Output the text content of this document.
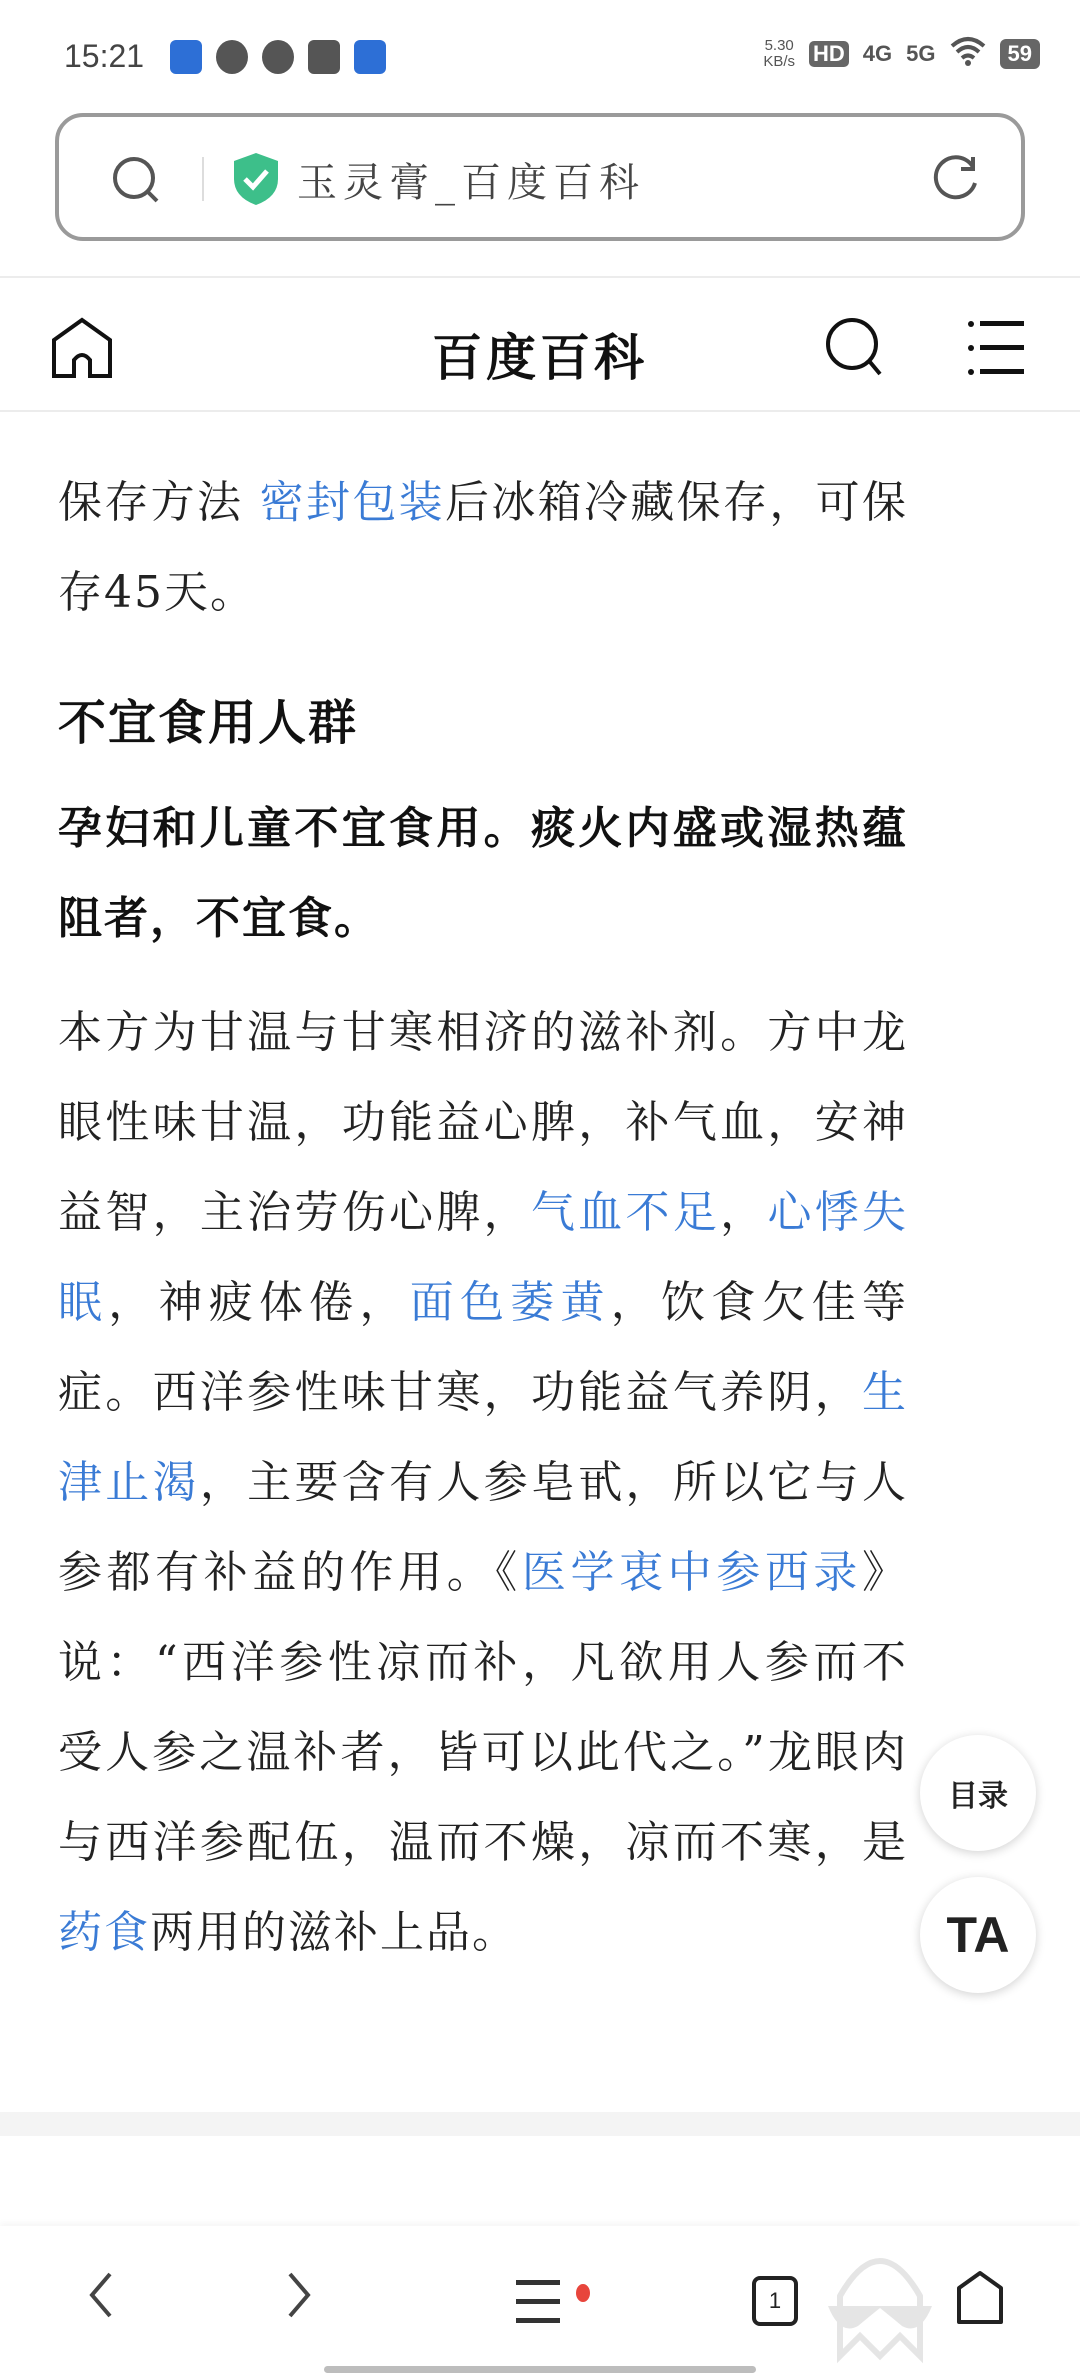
15:21	5.30
KB/s HD 4G 5G	59
玉灵膏_百度百科
百度百科

保存方法 密封包装后冰箱冷藏保存，可保存45天。

不宜食用人群

孕妇和儿童不宜食用。痰火内盛或湿热蕴阻者，不宜食。

本方为甘温与甘寒相济的滋补剂。方中龙眼性味甘温，功能益心脾，补气血，安神益智，主治劳伤心脾，气血不足，心悸失眠，神疲体倦，面色萎黄，饮食欠佳等症。西洋参性味甘寒，功能益气养阴，生津止渴，主要含有人参皂甙，所以它与人参都有补益的作用。《医学衷中参西录》说：“西洋参性凉而补，凡欲用人参而不受人参之温补者，皆可以此代之。”龙眼肉与西洋参配伍，温而不燥，凉而不寒，是药食两用的滋补上品。

目录
TA
1
